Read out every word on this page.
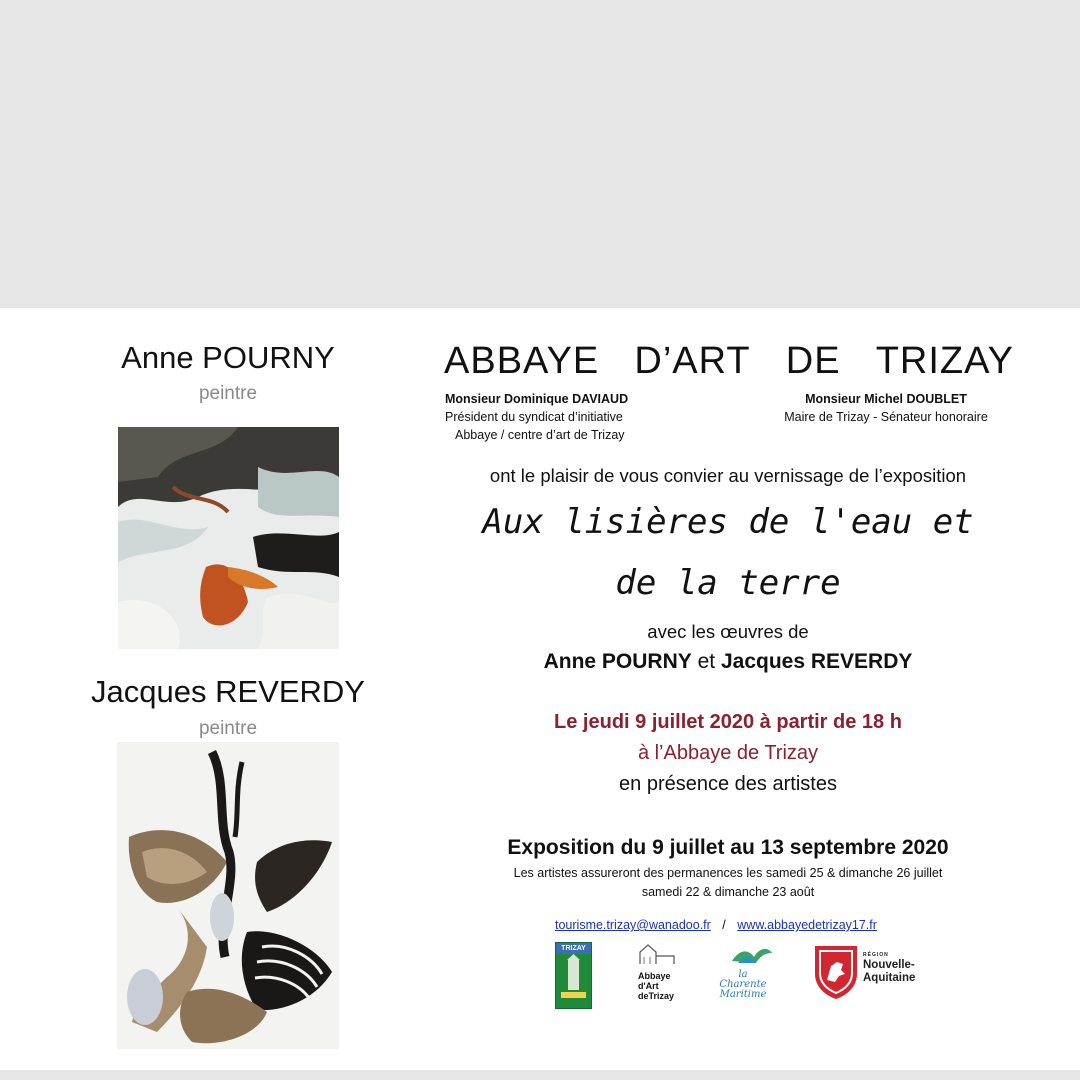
Anne POURNY
peintre
Jacques REVERDY
peintre
ABBAYE D’ART DE TRIZAY
Monsieur Dominique DAVIAUD
Président du syndicat d’initiative
Abbaye / centre d’art de Trizay
Monsieur Michel DOUBLET
Maire de Trizay - Sénateur honoraire
ont le plaisir de vous convier au vernissage de l’exposition
Aux lisières de l'eau et
de la terre
avec les œuvres de
Anne POURNY et Jacques REVERDY
Le jeudi 9 juillet 2020 à partir de 18 h
à l’Abbaye de Trizay
en présence des artistes
Exposition du 9 juillet au 13 septembre 2020
Les artistes assureront des permanences les samedi 25 & dimanche 26 juillet
samedi 22 & dimanche 23 août
tourisme.trizay@wanadoo.fr / www.abbayedetrizay17.fr
TRIZAY
Abbaye
d'Art
deTrizay
la
Charente
Maritime
RÉGION
Nouvelle-
Aquitaine
